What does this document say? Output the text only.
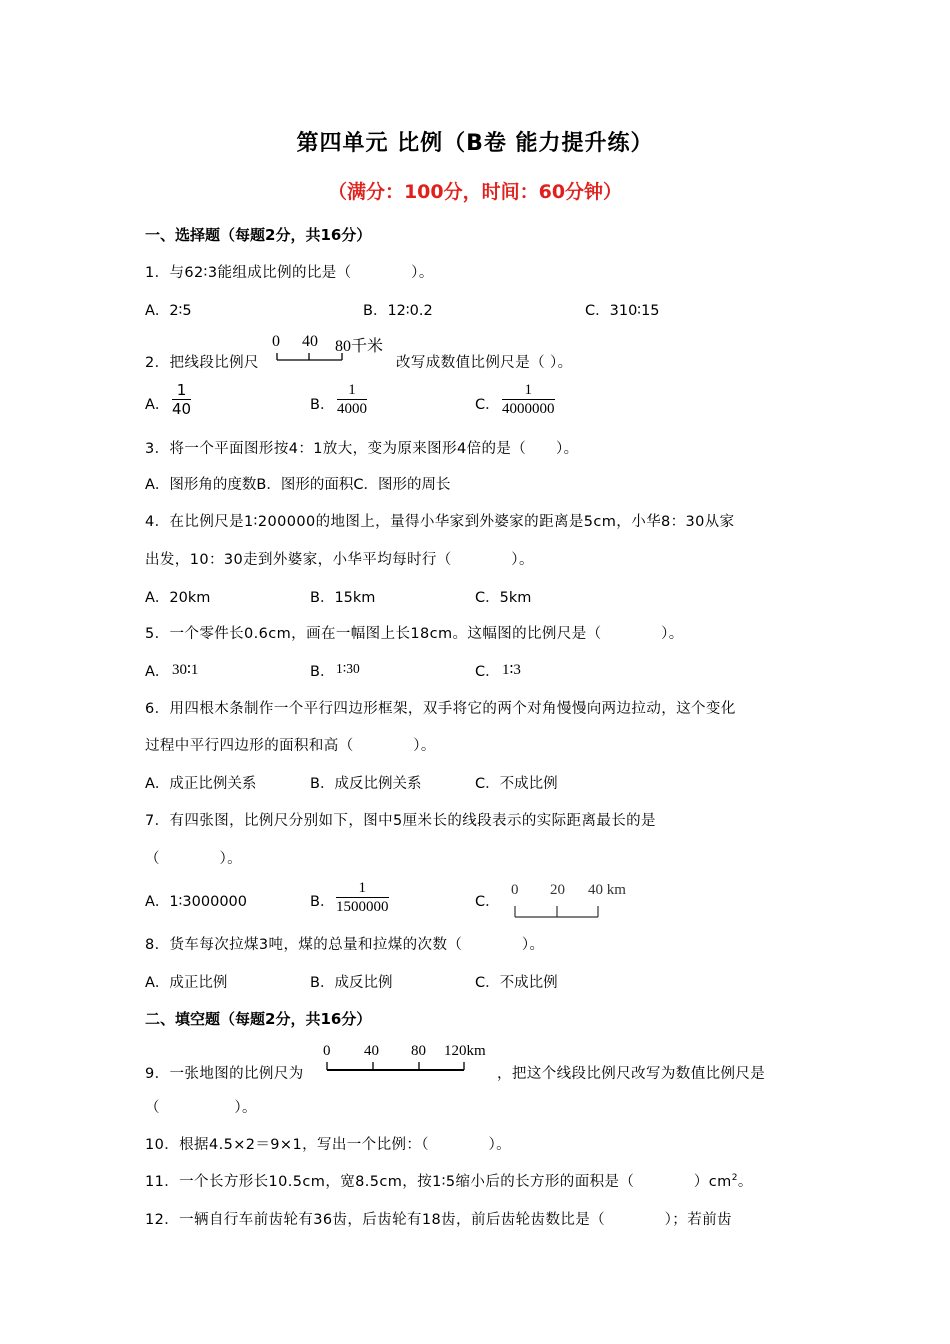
第四单元 比例（B卷 能力提升练）
（满分：100分，时间：60分钟）
一、选择题（每题2分，共16分）
1．与62∶3能组成比例的比是（　　　　）。
A．2∶5	B．12∶0.2	C．310∶15
2．把线段比例尺
0 40 80千米
改写成数值比例尺是（ ）。
A．
1
40	B．
1
4000	C．
1
4000000
3．将一个平面图形按4：1放大，变为原来图形4倍的是（　　）。
A．图形角的度数B．图形的面积C．图形的周长
4．在比例尺是1∶200000的地图上，量得小华家到外婆家的距离是5cm，小华8：30从家
出发，10：30走到外婆家，小华平均每时行（　　　　）。
A．20km	B．15km	C．5km
5．一个零件长0.6cm，画在一幅图上长18cm。这幅图的比例尺是（　　　　）。
A． 30∶1	B． 1∶30	C． 1∶3
6．用四根木条制作一个平行四边形框架，双手将它的两个对角慢慢向两边拉动，这个变化
过程中平行四边形的面积和高（　　　　）。
A．成正比例关系	B．成反比例关系	C．不成比例
7．有四张图，比例尺分别如下，图中5厘米长的线段表示的实际距离最长的是
（　　　　）。
A．1∶3000000	B．
1
1500000	C．
0 20 40 km
8．货车每次拉煤3吨，煤的总量和拉煤的次数（　　　　）。
A．成正比例	B．成反比例	C．不成比例
二、填空题（每题2分，共16分）
9．一张地图的比例尺为
0 40 80 120km
，把这个线段比例尺改写为数值比例尺是
（　　　　　）。
10．根据4.5×2＝9×1，写出一个比例：（　　　　）。
11．一个长方形长10.5cm，宽8.5cm，按1∶5缩小后的长方形的面积是（　　　　）$cm^2$。
12．一辆自行车前齿轮有36齿，后齿轮有18齿，前后齿轮齿数比是（　　　　）；若前齿
